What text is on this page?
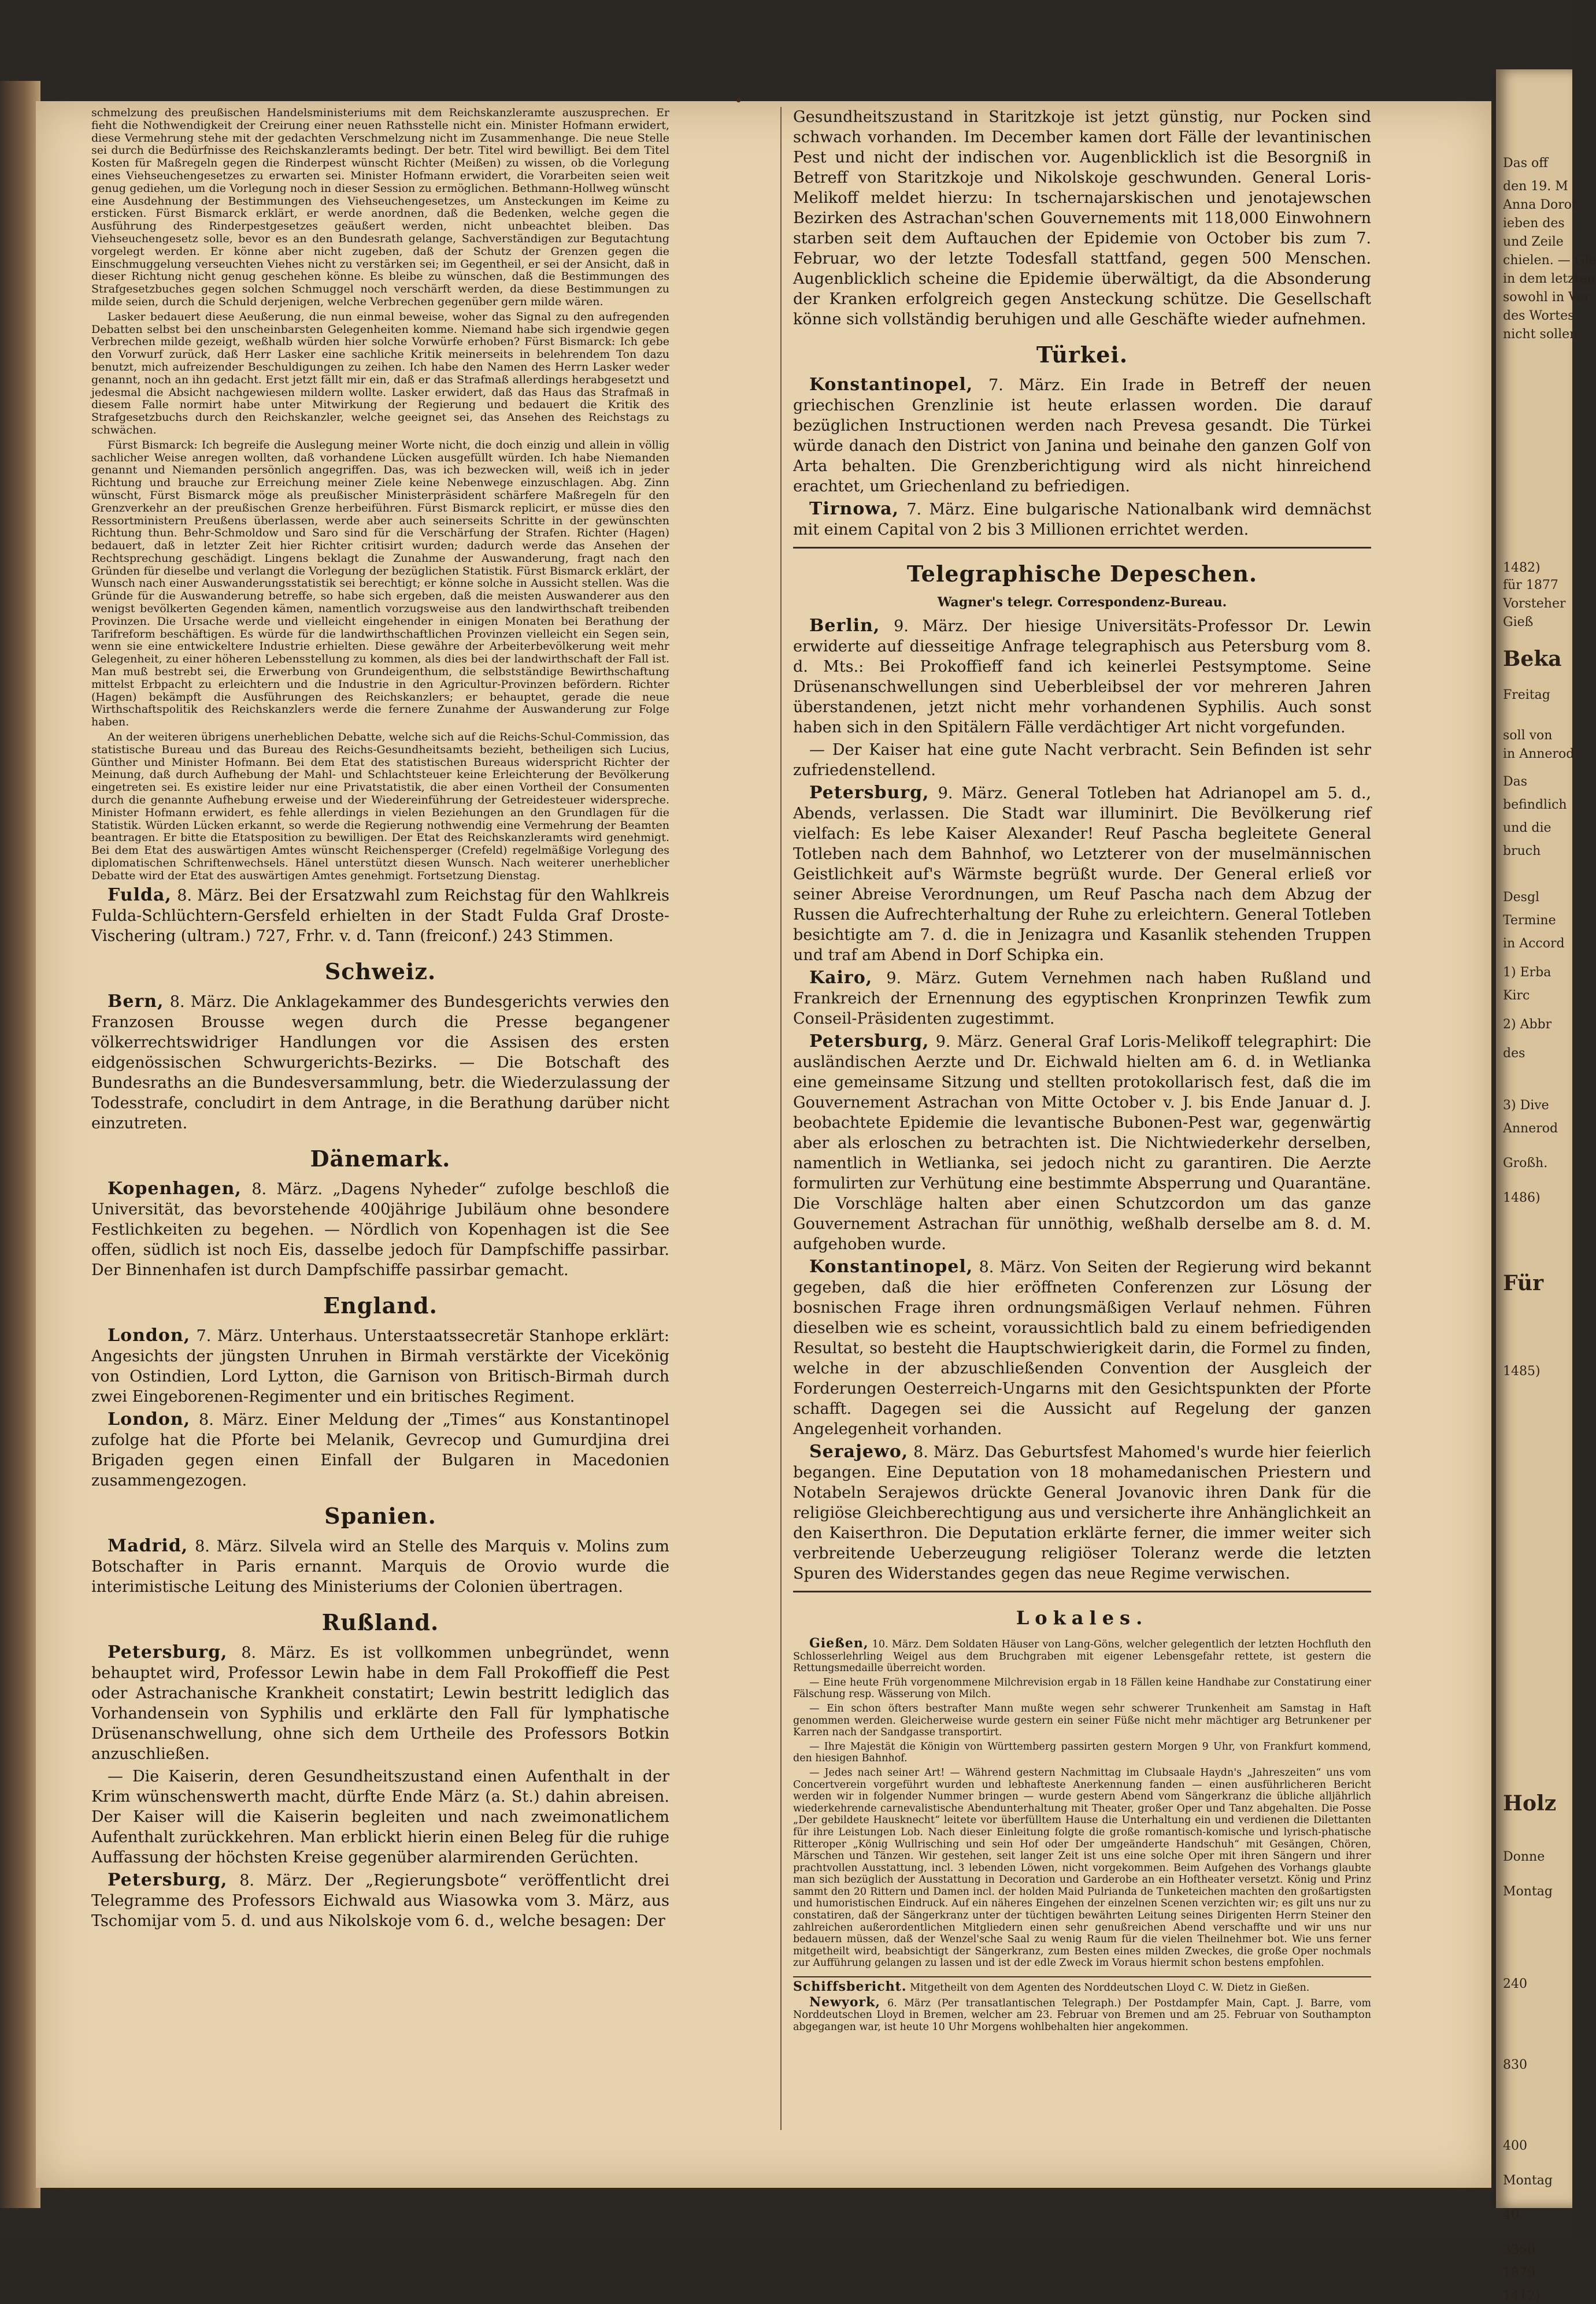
Das off
den 19. M
Anna Dorot
ieben des
und Zeile
chielen. — Gle
in dem letzten
sowohl in Ver
des Wortes
nicht sollen
1482)
für 1877
Vorsteher
Gieß
Beka
Freitag
soll von
in Annerod
Das
befindlich
und die
bruch
Desgl
Termine
in Accord
1) Erba
Kirc
2) Abbr
des
3) Dive
Annerod
Großh.
1486)
Für
1485)
Holz
Donne
Montag
240
830
400
Montag
40
3350
1879
1412)
•

schmelzung des preußischen Handelsministeriums mit dem Reichskanzleramte auszusprechen. Er fieht die Nothwendigkeit der Creirung einer neuen Rathsstelle nicht ein. Minister Hofmann erwidert, diese Vermehrung stehe mit der gedachten Verschmelzung nicht im Zusammenhange. Die neue Stelle sei durch die Bedürfnisse des Reichskanzleramts bedingt. Der betr. Titel wird bewilligt. Bei dem Titel Kosten für Maßregeln gegen die Rinderpest wünscht Richter (Meißen) zu wissen, ob die Vorlegung eines Viehseuchengesetzes zu erwarten sei. Minister Hofmann erwidert, die Vorarbeiten seien weit genug gediehen, um die Vorlegung noch in dieser Session zu ermöglichen. Bethmann-Hollweg wünscht eine Ausdehnung der Bestimmungen des Viehseuchengesetzes, um Ansteckungen im Keime zu ersticken. Fürst Bismarck erklärt, er werde anordnen, daß die Bedenken, welche gegen die Ausführung des Rinderpestgesetzes geäußert werden, nicht unbeachtet bleiben. Das Viehseuchengesetz solle, bevor es an den Bundesrath gelange, Sachverständigen zur Begutachtung vorgelegt werden. Er könne aber nicht zugeben, daß der Schutz der Grenzen gegen die Einschmuggelung verseuchten Viehes nicht zu verstärken sei; im Gegentheil, er sei der Ansicht, daß in dieser Richtung nicht genug geschehen könne. Es bleibe zu wünschen, daß die Bestimmungen des Strafgesetzbuches gegen solchen Schmuggel noch verschärft werden, da diese Bestimmungen zu milde seien, durch die Schuld derjenigen, welche Verbrechen gegenüber gern milde wären.

Lasker bedauert diese Aeußerung, die nun einmal beweise, woher das Signal zu den aufregenden Debatten selbst bei den unscheinbarsten Gelegenheiten komme. Niemand habe sich irgendwie gegen Verbrechen milde gezeigt, weßhalb würden hier solche Vorwürfe erhoben? Fürst Bismarck: Ich gebe den Vorwurf zurück, daß Herr Lasker eine sachliche Kritik meinerseits in belehrendem Ton dazu benutzt, mich aufreizender Beschuldigungen zu zeihen. Ich habe den Namen des Herrn Lasker weder genannt, noch an ihn gedacht. Erst jetzt fällt mir ein, daß er das Strafmaß allerdings herabgesetzt und jedesmal die Absicht nachgewiesen mildern wollte. Lasker erwidert, daß das Haus das Strafmaß in diesem Falle normirt habe unter Mitwirkung der Regierung und bedauert die Kritik des Strafgesetzbuchs durch den Reichskanzler, welche geeignet sei, das Ansehen des Reichstags zu schwächen.

Fürst Bismarck: Ich begreife die Auslegung meiner Worte nicht, die doch einzig und allein in völlig sachlicher Weise anregen wollten, daß vorhandene Lücken ausgefüllt würden. Ich habe Niemanden genannt und Niemanden persönlich angegriffen. Das, was ich bezwecken will, weiß ich in jeder Richtung und brauche zur Erreichung meiner Ziele keine Nebenwege einzuschlagen. Abg. Zinn wünscht, Fürst Bismarck möge als preußischer Ministerpräsident schärfere Maßregeln für den Grenzverkehr an der preußischen Grenze herbeiführen. Fürst Bismarck replicirt, er müsse dies den Ressortministern Preußens überlassen, werde aber auch seinerseits Schritte in der gewünschten Richtung thun. Behr-Schmoldow und Saro sind für die Verschärfung der Strafen. Richter (Hagen) bedauert, daß in letzter Zeit hier Richter critisirt wurden; dadurch werde das Ansehen der Rechtsprechung geschädigt. Lingens beklagt die Zunahme der Auswanderung, fragt nach den Gründen für dieselbe und verlangt die Vorlegung der bezüglichen Statistik. Fürst Bismarck erklärt, der Wunsch nach einer Auswanderungsstatistik sei berechtigt; er könne solche in Aussicht stellen. Was die Gründe für die Auswanderung betreffe, so habe sich ergeben, daß die meisten Auswanderer aus den wenigst bevölkerten Gegenden kämen, namentlich vorzugsweise aus den landwirthschaft treibenden Provinzen. Die Ursache werde und vielleicht eingehender in einigen Monaten bei Berathung der Tarifreform beschäftigen. Es würde für die landwirthschaftlichen Provinzen vielleicht ein Segen sein, wenn sie eine entwickeltere Industrie erhielten. Diese gewähre der Arbeiterbevölkerung weit mehr Gelegenheit, zu einer höheren Lebensstellung zu kommen, als dies bei der landwirthschaft der Fall ist. Man muß bestrebt sei, die Erwerbung von Grundeigenthum, die selbstständige Bewirthschaftung mittelst Erbpacht zu erleichtern und die Industrie in den Agricultur-Provinzen befördern. Richter (Hagen) bekämpft die Ausführungen des Reichskanzlers; er behauptet, gerade die neue Wirthschaftspolitik des Reichskanzlers werde die fernere Zunahme der Auswanderung zur Folge haben.

An der weiteren übrigens unerheblichen Debatte, welche sich auf die Reichs-Schul-Commission, das statistische Bureau und das Bureau des Reichs-Gesundheitsamts bezieht, betheiligen sich Lucius, Günther und Minister Hofmann. Bei dem Etat des statistischen Bureaus widerspricht Richter der Meinung, daß durch Aufhebung der Mahl- und Schlachtsteuer keine Erleichterung der Bevölkerung eingetreten sei. Es existire leider nur eine Privatstatistik, die aber einen Vortheil der Consumenten durch die genannte Aufhebung erweise und der Wiedereinführung der Getreidesteuer widerspreche. Minister Hofmann erwidert, es fehle allerdings in vielen Beziehungen an den Grundlagen für die Statistik. Würden Lücken erkannt, so werde die Regierung nothwendig eine Vermehrung der Beamten beantragen. Er bitte die Etatsposition zu bewilligen. Der Etat des Reichskanzleramts wird genehmigt. Bei dem Etat des auswärtigen Amtes wünscht Reichensperger (Crefeld) regelmäßige Vorlegung des diplomatischen Schriftenwechsels. Hänel unterstützt diesen Wunsch. Nach weiterer unerheblicher Debatte wird der Etat des auswärtigen Amtes genehmigt. Fortsetzung Dienstag.

Fulda, 8. März. Bei der Ersatzwahl zum Reichstag für den Wahlkreis Fulda-Schlüchtern-Gersfeld erhielten in der Stadt Fulda Graf Droste-Vischering (ultram.) 727, Frhr. v. d. Tann (freiconf.) 243 Stimmen.

Schweiz.

Bern, 8. März. Die Anklagekammer des Bundesgerichts verwies den Franzosen Brousse wegen durch die Presse begangener völkerrechtswidriger Handlungen vor die Assisen des ersten eidgenössischen Schwurgerichts-Bezirks. — Die Botschaft des Bundesraths an die Bundesversammlung, betr. die Wiederzulassung der Todesstrafe, concludirt in dem Antrage, in die Berathung darüber nicht einzutreten.

Dänemark.

Kopenhagen, 8. März. „Dagens Nyheder“ zufolge beschloß die Universität, das bevorstehende 400jährige Jubiläum ohne besondere Festlichkeiten zu begehen. — Nördlich von Kopenhagen ist die See offen, südlich ist noch Eis, dasselbe jedoch für Dampfschiffe passirbar. Der Binnenhafen ist durch Dampfschiffe passirbar gemacht.

England.

London, 7. März. Unterhaus. Unterstaatssecretär Stanhope erklärt: Angesichts der jüngsten Unruhen in Birmah verstärkte der Vicekönig von Ostindien, Lord Lytton, die Garnison von Britisch-Birmah durch zwei Eingeborenen-Regimenter und ein britisches Regiment.

London, 8. März. Einer Meldung der „Times“ aus Konstantinopel zufolge hat die Pforte bei Melanik, Gevrecop und Gumurdjina drei Brigaden gegen einen Einfall der Bulgaren in Macedonien zusammengezogen.

Spanien.

Madrid, 8. März. Silvela wird an Stelle des Marquis v. Molins zum Botschafter in Paris ernannt. Marquis de Orovio wurde die interimistische Leitung des Ministeriums der Colonien übertragen.

Rußland.

Petersburg, 8. März. Es ist vollkommen unbegründet, wenn behauptet wird, Professor Lewin habe in dem Fall Prokoffieff die Pest oder Astrachanische Krankheit constatirt; Lewin bestritt lediglich das Vorhandensein von Syphilis und erklärte den Fall für lymphatische Drüsenanschwellung, ohne sich dem Urtheile des Professors Botkin anzuschließen.

— Die Kaiserin, deren Gesundheitszustand einen Aufenthalt in der Krim wünschenswerth macht, dürfte Ende März (a. St.) dahin abreisen. Der Kaiser will die Kaiserin begleiten und nach zweimonatlichem Aufenthalt zurückkehren. Man erblickt hierin einen Beleg für die ruhige Auffassung der höchsten Kreise gegenüber alarmirenden Gerüchten.

Petersburg, 8. März. Der „Regierungsbote“ veröffentlicht drei Telegramme des Professors Eichwald aus Wiasowka vom 3. März, aus Tschomijar vom 5. d. und aus Nikolskoje vom 6. d., welche besagen: Der

Gesundheitszustand in Staritzkoje ist jetzt günstig, nur Pocken sind schwach vorhanden. Im December kamen dort Fälle der levantinischen Pest und nicht der indischen vor. Augenblicklich ist die Besorgniß in Betreff von Staritzkoje und Nikolskoje geschwunden. General Loris-Melikoff meldet hierzu: In tschernajarskischen und jenotajewschen Bezirken des Astrachan'schen Gouvernements mit 118,000 Einwohnern starben seit dem Auftauchen der Epidemie von October bis zum 7. Februar, wo der letzte Todesfall stattfand, gegen 500 Menschen. Augenblicklich scheine die Epidemie überwältigt, da die Absonderung der Kranken erfolgreich gegen Ansteckung schütze. Die Gesellschaft könne sich vollständig beruhigen und alle Geschäfte wieder aufnehmen.

Türkei.

Konstantinopel, 7. März. Ein Irade in Betreff der neuen griechischen Grenzlinie ist heute erlassen worden. Die darauf bezüglichen Instructionen werden nach Prevesa gesandt. Die Türkei würde danach den District von Janina und beinahe den ganzen Golf von Arta behalten. Die Grenzberichtigung wird als nicht hinreichend erachtet, um Griechenland zu befriedigen.

Tirnowa, 7. März. Eine bulgarische Nationalbank wird demnächst mit einem Capital von 2 bis 3 Millionen errichtet werden.

Telegraphische Depeschen.
Wagner's telegr. Correspondenz-Bureau.

Berlin, 9. März. Der hiesige Universitäts-Professor Dr. Lewin erwiderte auf diesseitige Anfrage telegraphisch aus Petersburg vom 8. d. Mts.: Bei Prokoffieff fand ich keinerlei Pestsymptome. Seine Drüsenanschwellungen sind Ueberbleibsel der vor mehreren Jahren überstandenen, jetzt nicht mehr vorhandenen Syphilis. Auch sonst haben sich in den Spitälern Fälle verdächtiger Art nicht vorgefunden.

— Der Kaiser hat eine gute Nacht verbracht. Sein Befinden ist sehr zufriedenstellend.

Petersburg, 9. März. General Totleben hat Adrianopel am 5. d., Abends, verlassen. Die Stadt war illuminirt. Die Bevölkerung rief vielfach: Es lebe Kaiser Alexander! Reuf Pascha begleitete General Totleben nach dem Bahnhof, wo Letzterer von der muselmännischen Geistlichkeit auf's Wärmste begrüßt wurde. Der General erließ vor seiner Abreise Verordnungen, um Reuf Pascha nach dem Abzug der Russen die Aufrechterhaltung der Ruhe zu erleichtern. General Totleben besichtigte am 7. d. die in Jenizagra und Kasanlik stehenden Truppen und traf am Abend in Dorf Schipka ein.

Kairo, 9. März. Gutem Vernehmen nach haben Rußland und Frankreich der Ernennung des egyptischen Kronprinzen Tewfik zum Conseil-Präsidenten zugestimmt.

Petersburg, 9. März. General Graf Loris-Melikoff telegraphirt: Die ausländischen Aerzte und Dr. Eichwald hielten am 6. d. in Wetlianka eine gemeinsame Sitzung und stellten protokollarisch fest, daß die im Gouvernement Astrachan von Mitte October v. J. bis Ende Januar d. J. beobachtete Epidemie die levantische Bubonen-Pest war, gegenwärtig aber als erloschen zu betrachten ist. Die Nichtwiederkehr derselben, namentlich in Wetlianka, sei jedoch nicht zu garantiren. Die Aerzte formulirten zur Verhütung eine bestimmte Absperrung und Quarantäne. Die Vorschläge halten aber einen Schutzcordon um das ganze Gouvernement Astrachan für unnöthig, weßhalb derselbe am 8. d. M. aufgehoben wurde.

Konstantinopel, 8. März. Von Seiten der Regierung wird bekannt gegeben, daß die hier eröffneten Conferenzen zur Lösung der bosnischen Frage ihren ordnungsmäßigen Verlauf nehmen. Führen dieselben wie es scheint, voraussichtlich bald zu einem befriedigenden Resultat, so besteht die Hauptschwierigkeit darin, die Formel zu finden, welche in der abzuschließenden Convention der Ausgleich der Forderungen Oesterreich-Ungarns mit den Gesichtspunkten der Pforte schafft. Dagegen sei die Aussicht auf Regelung der ganzen Angelegenheit vorhanden.

Serajewo, 8. März. Das Geburtsfest Mahomed's wurde hier feierlich begangen. Eine Deputation von 18 mohamedanischen Priestern und Notabeln Serajewos drückte General Jovanovic ihren Dank für die religiöse Gleichberechtigung aus und versicherte ihre Anhänglichkeit an den Kaiserthron. Die Deputation erklärte ferner, die immer weiter sich verbreitende Ueberzeugung religiöser Toleranz werde die letzten Spuren des Widerstandes gegen das neue Regime verwischen.

Lokales.

Gießen, 10. März. Dem Soldaten Häuser von Lang-Göns, welcher gelegentlich der letzten Hochfluth den Schlosserlehrling Weigel aus dem Bruchgraben mit eigener Lebensgefahr rettete, ist gestern die Rettungsmedaille überreicht worden.

— Eine heute Früh vorgenommene Milchrevision ergab in 18 Fällen keine Handhabe zur Constatirung einer Fälschung resp. Wässerung von Milch.

— Ein schon öfters bestrafter Mann mußte wegen sehr schwerer Trunkenheit am Samstag in Haft genommen werden. Gleicherweise wurde gestern ein seiner Füße nicht mehr mächtiger arg Betrunkener per Karren nach der Sandgasse transportirt.

— Ihre Majestät die Königin von Württemberg passirten gestern Morgen 9 Uhr, von Frankfurt kommend, den hiesigen Bahnhof.

— Jedes nach seiner Art! — Während gestern Nachmittag im Clubsaale Haydn's „Jahreszeiten“ uns vom Concertverein vorgeführt wurden und lebhafteste Anerkennung fanden — einen ausführlicheren Bericht werden wir in folgender Nummer bringen — wurde gestern Abend vom Sängerkranz die übliche alljährlich wiederkehrende carnevalistische Abendunterhaltung mit Theater, großer Oper und Tanz abgehalten. Die Posse „Der gebildete Hausknecht“ leitete vor überfülltem Hause die Unterhaltung ein und verdienen die Dilettanten für ihre Leistungen Lob. Nach dieser Einleitung folgte die große romantisch-komische und lyrisch-phatische Ritteroper „König Wullrisching und sein Hof oder Der umgeänderte Handschuh“ mit Gesängen, Chören, Märschen und Tänzen. Wir gestehen, seit langer Zeit ist uns eine solche Oper mit ihren Sängern und ihrer prachtvollen Ausstattung, incl. 3 lebenden Löwen, nicht vorgekommen. Beim Aufgehen des Vorhangs glaubte man sich bezüglich der Ausstattung in Decoration und Garderobe an ein Hoftheater versetzt. König und Prinz sammt den 20 Rittern und Damen incl. der holden Maid Pulrianda de Tunketeichen machten den großartigsten und humoristischen Eindruck. Auf ein näheres Eingehen der einzelnen Scenen verzichten wir; es gilt uns nur zu constatiren, daß der Sängerkranz unter der tüchtigen bewährten Leitung seines Dirigenten Herrn Steiner den zahlreichen außerordentlichen Mitgliedern einen sehr genußreichen Abend verschaffte und wir uns nur bedauern müssen, daß der Wenzel'sche Saal zu wenig Raum für die vielen Theilnehmer bot. Wie uns ferner mitgetheilt wird, beabsichtigt der Sängerkranz, zum Besten eines milden Zweckes, die große Oper nochmals zur Aufführung gelangen zu lassen und ist der edle Zweck im Voraus hiermit schon bestens empfohlen.

Schiffsbericht. Mitgetheilt von dem Agenten des Norddeutschen Lloyd C. W. Dietz in Gießen.

Newyork, 6. März (Per transatlantischen Telegraph.) Der Postdampfer Main, Capt. J. Barre, vom Norddeutschen Lloyd in Bremen, welcher am 23. Februar von Bremen und am 25. Februar von Southampton abgegangen war, ist heute 10 Uhr Morgens wohlbehalten hier angekommen.
